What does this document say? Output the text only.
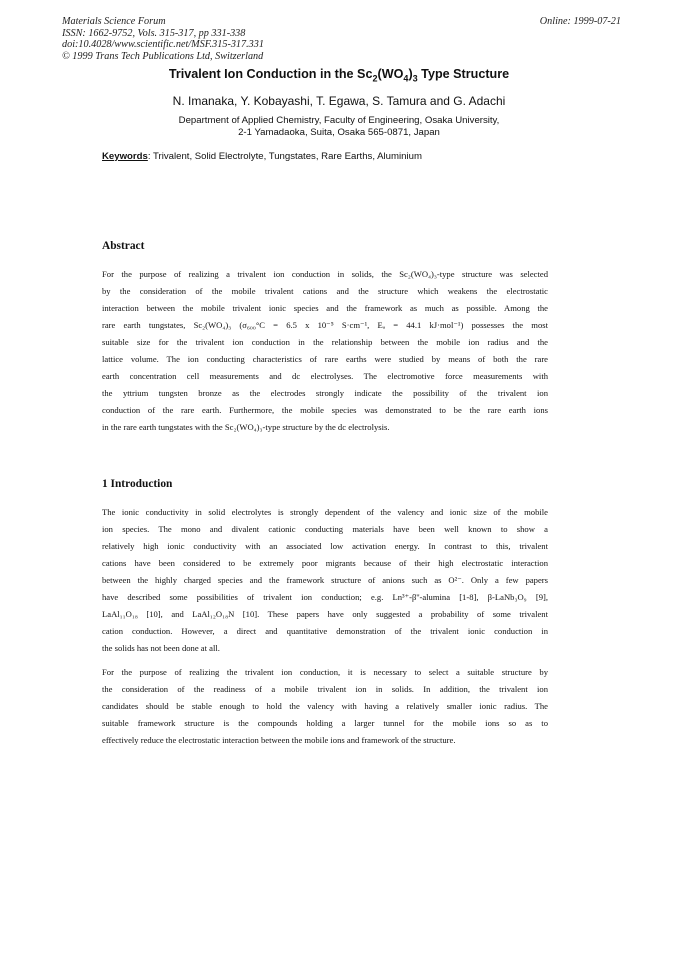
Materials Science Forum
ISSN: 1662-9752, Vols. 315-317, pp 331-338
doi:10.4028/www.scientific.net/MSF.315-317.331
© 1999 Trans Tech Publications Ltd, Switzerland
Online: 1999-07-21
Trivalent Ion Conduction in the $Sc_2(WO_4)_3$ Type Structure
N. Imanaka, Y. Kobayashi, T. Egawa, S. Tamura and G. Adachi
Department of Applied Chemistry, Faculty of Engineering, Osaka University,
2-1 Yamadaoka, Suita, Osaka 565-0871, Japan
Keywords: Trivalent, Solid Electrolyte, Tungstates, Rare Earths, Aluminium
Abstract
For the purpose of realizing a trivalent ion conduction in solids, the Sc₂(WO₄)₃-type structure was selected
by the consideration of the mobile trivalent cations and the structure which weakens the electrostatic
interaction between the mobile trivalent ionic species and the framework as much as possible. Among the
rare earth tungstates, Sc₂(WO₄)₃ (σ₆₀₀°C = 6.5 x 10⁻⁵ S·cm⁻¹, Eₐ = 44.1 kJ·mol⁻¹) possesses the most
suitable size for the trivalent ion conduction in the relationship between the mobile ion radius and the
lattice volume. The ion conducting characteristics of rare earths were studied by means of both the rare
earth concentration cell measurements and dc electrolyses. The electromotive force measurements with
the yttrium tungsten bronze as the electrodes strongly indicate the possibility of the trivalent ion
conduction of the rare earth. Furthermore, the mobile species was demonstrated to be the rare earth ions
in the rare earth tungstates with the Sc₂(WO₄)₃-type structure by the dc electrolysis.
1 Introduction
The ionic conductivity in solid electrolytes is strongly dependent of the valency and ionic size of the mobile
ion species. The mono and divalent cationic conducting materials have been well known to show a
relatively high ionic conductivity with an associated low activation energy. In contrast to this, trivalent
cations have been considered to be extremely poor migrants because of their high electrostatic interaction
between the highly charged species and the framework structure of anions such as O²⁻. Only a few papers
have described some possibilities of trivalent ion conduction; e.g. Ln³⁺-β''-alumina [1-8], β-LaNb₃O₉ [9],
LaAl₁₁O₁₈ [10], and LaAl₁₂O₁₈N [10]. These papers have only suggested a probability of some trivalent
cation conduction. However, a direct and quantitative demonstration of the trivalent ionic conduction in
the solids has not been done at all.
For the purpose of realizing the trivalent ion conduction, it is necessary to select a suitable structure by
the consideration of the readiness of a mobile trivalent ion in solids. In addition, the trivalent ion
candidates should be stable enough to hold the valency with having a relatively smaller ionic radius. The
suitable framework structure is the compounds holding a larger tunnel for the mobile ions so as to
effectively reduce the electrostatic interaction between the mobile ions and framework of the structure.
